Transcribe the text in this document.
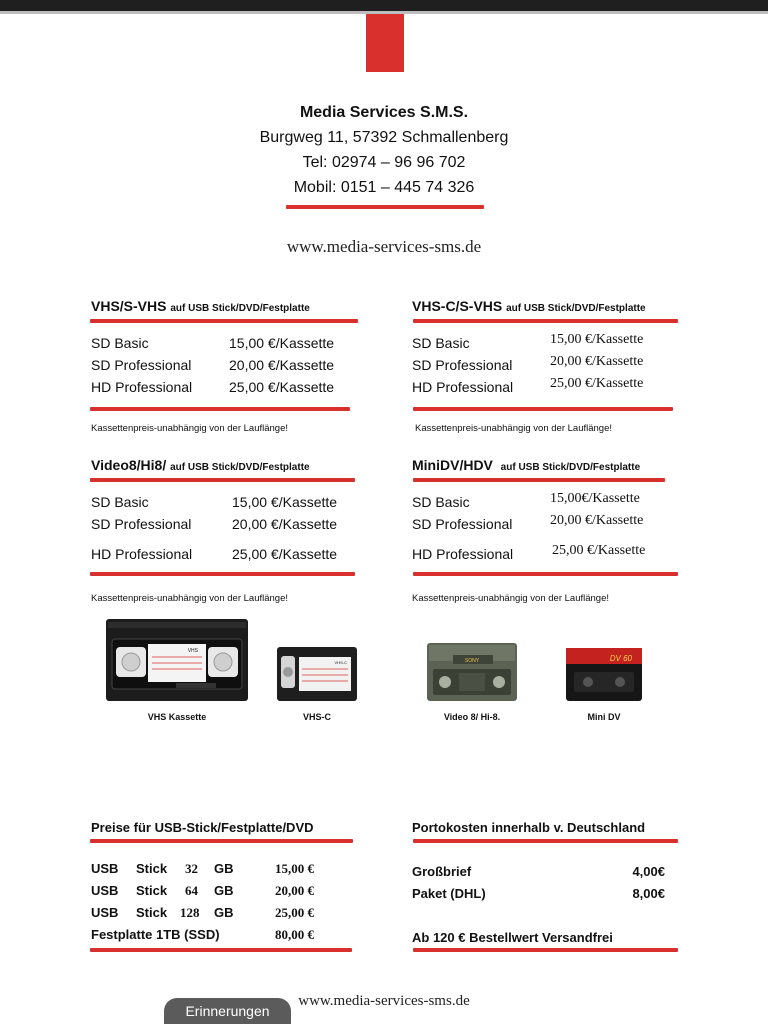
Media Services S.M.S.
Burgweg 11, 57392 Schmallenberg
Tel: 02974 – 96 96 702
Mobil: 0151 – 445 74 326
www.media-services-sms.de
VHS/S-VHS auf USB Stick/DVD/Festplatte
SD Basic	15,00 €/Kassette
SD Professional	20,00 €/Kassette
HD Professional	25,00 €/Kassette
Kassettenpreis-unabhängig von der Lauflänge!
VHS-C/S-VHS auf USB Stick/DVD/Festplatte
SD Basic	15,00 €/Kassette
SD Professional	20,00 €/Kassette
HD Professional	25,00 €/Kassette
Kassettenpreis-unabhängig von der Lauflänge!
Video8/Hi8/ auf USB Stick/DVD/Festplatte
SD Basic	15,00 €/Kassette
SD Professional	20,00 €/Kassette
HD Professional	25,00 €/Kassette
Kassettenpreis-unabhängig von der Lauflänge!
MiniDV/HDV auf USB Stick/DVD/Festplatte
SD Basic	15,00€/Kassette
SD Professional	20,00 €/Kassette
HD Professional	25,00 €/Kassette
Kassettenpreis-unabhängig von der Lauflänge!
VHS
VHS Kassette
VHS-C
VHS-C
SONY
Video 8/ Hi-8.
DV 60
Mini DV
Preise für USB-Stick/Festplatte/DVD
USB Stick 32 GB	15,00 €
USB Stick 64 GB	20,00 €
USB Stick 128 GB	25,00 €
Festplatte 1TB (SSD)	80,00 €
Portokosten innerhalb v. Deutschland
Großbrief	4,00€
Paket (DHL)	8,00€
Ab 120 € Bestellwert Versandfrei
www.media-services-sms.de
Erinnerungen
